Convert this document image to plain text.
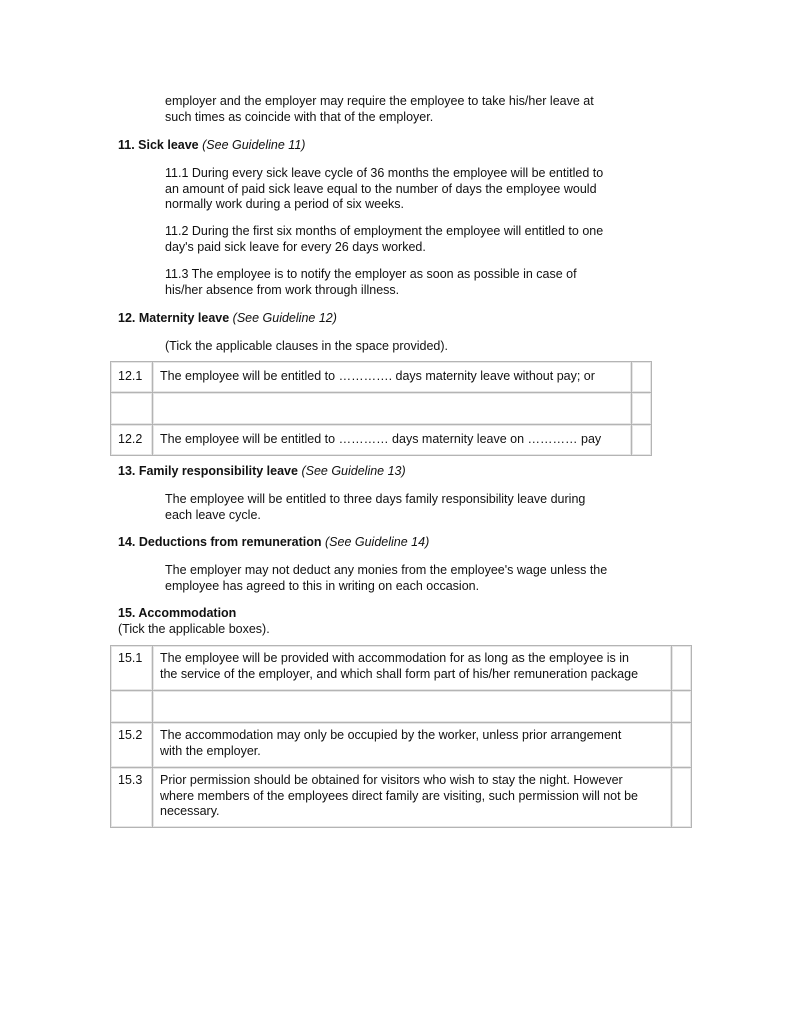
employer and the employer may require the employee to take his/her leave at
such times as coincide with that of the employer.
11. Sick leave (See Guideline 11)
11.1 During every sick leave cycle of 36 months the employee will be entitled to
an amount of paid sick leave equal to the number of days the employee would
normally work during a period of six weeks.
11.2 During the first six months of employment the employee will entitled to one
day's paid sick leave for every 26 days worked.
11.3 The employee is to notify the employer as soon as possible in case of
his/her absence from work through illness.
12. Maternity leave (See Guideline 12)
(Tick the applicable clauses in the space provided).
12.1	The employee will be entitled to …………. days maternity leave without pay; or	

12.2	The employee will be entitled to ………… days maternity leave on ………… pay	
13. Family responsibility leave (See Guideline 13)
The employee will be entitled to three days family responsibility leave during
each leave cycle.
14. Deductions from remuneration (See Guideline 14)
The employer may not deduct any monies from the employee's wage unless the
employee has agreed to this in writing on each occasion.
15. Accommodation
(Tick the applicable boxes).
15.1	The employee will be provided with accommodation for as long as the employee is in
the service of the employer, and which shall form part of his/her remuneration package	

15.2	The accommodation may only be occupied by the worker, unless prior arrangement
with the employer.	
15.3	Prior permission should be obtained for visitors who wish to stay the night. However
where members of the employees direct family are visiting, such permission will not be
necessary.	
